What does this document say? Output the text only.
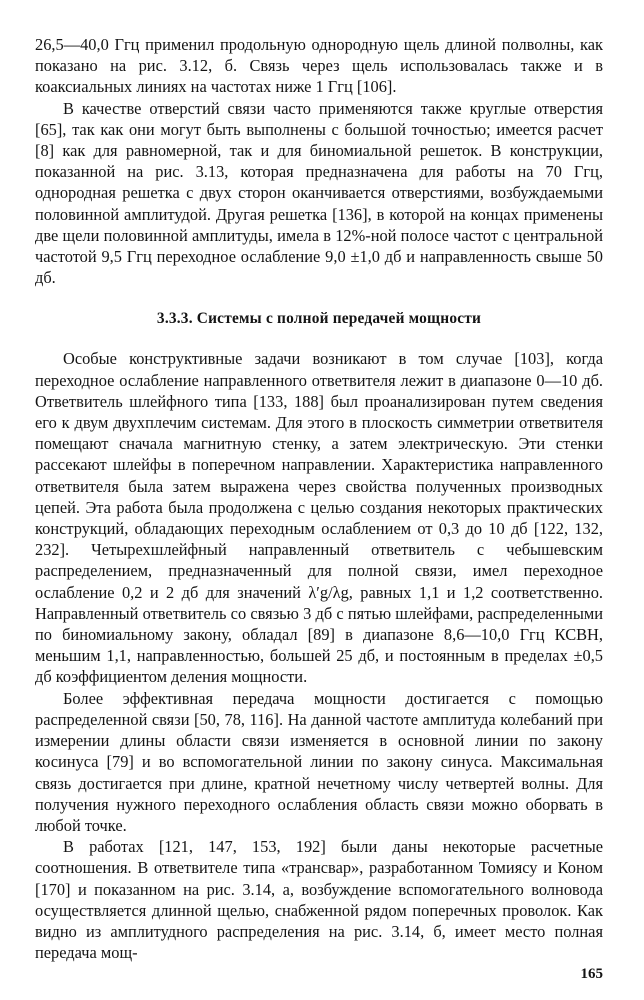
26,5—40,0 Ггц применил продольную однородную щель длиной полволны, как показано на рис. 3.12, б. Связь через щель использовалась также и в коаксиальных линиях на частотах ниже 1 Ггц [106].

В качестве отверстий связи часто применяются также круглые отверстия [65], так как они могут быть выполнены с большой точностью; имеется расчет [8] как для равномерной, так и для биномиальной решеток. В конструкции, показанной на рис. 3.13, которая предназначена для работы на 70 Ггц, однородная решетка с двух сторон оканчивается отверстиями, возбуждаемыми половинной амплитудой. Другая решетка [136], в которой на концах применены две щели половинной амплитуды, имела в 12%-ной полосе частот с центральной частотой 9,5 Ггц переходное ослабление 9,0 ±1,0 дб и направленность свыше 50 дб.

3.3.3. Системы с полной передачей мощности

Особые конструктивные задачи возникают в том случае [103], когда переходное ослабление направленного ответвителя лежит в диапазоне 0—10 дб. Ответвитель шлейфного типа [133, 188] был проанализирован путем сведения его к двум двухплечим системам. Для этого в плоскость симметрии ответвителя помещают сначала магнитную стенку, а затем электрическую. Эти стенки рассекают шлейфы в поперечном направлении. Характеристика направленного ответвителя была затем выражена через свойства полученных производных цепей. Эта работа была продолжена с целью создания некоторых практических конструкций, обладающих переходным ослаблением от 0,3 до 10 дб [122, 132, 232]. Четырехшлейфный направленный ответвитель с чебышевским распределением, предназначенный для полной связи, имел переходное ослабление 0,2 и 2 дб для значений λ′g/λg, равных 1,1 и 1,2 соответственно. Направленный ответвитель со связью 3 дб с пятью шлейфами, распределенными по биномиальному закону, обладал [89] в диапазоне 8,6—10,0 Ггц КСВН, меньшим 1,1, направленностью, большей 25 дб, и постоянным в пределах ±0,5 дб коэффициентом деления мощности.

Более эффективная передача мощности достигается с помощью распределенной связи [50, 78, 116]. На данной частоте амплитуда колебаний при измерении длины области связи изменяется в основной линии по закону косинуса [79] и во вспомогательной линии по закону синуса. Максимальная связь достигается при длине, кратной нечетному числу четвертей волны. Для получения нужного переходного ослабления область связи можно оборвать в любой точке.

В работах [121, 147, 153, 192] были даны некоторые расчетные соотношения. В ответвителе типа «трансвар», разработанном Томиясу и Коном [170] и показанном на рис. 3.14, а, возбуждение вспомогательного волновода осуществляется длинной щелью, снабженной рядом поперечных проволок. Как видно из амплитудного распределения на рис. 3.14, б, имеет место полная передача мощ-

165
